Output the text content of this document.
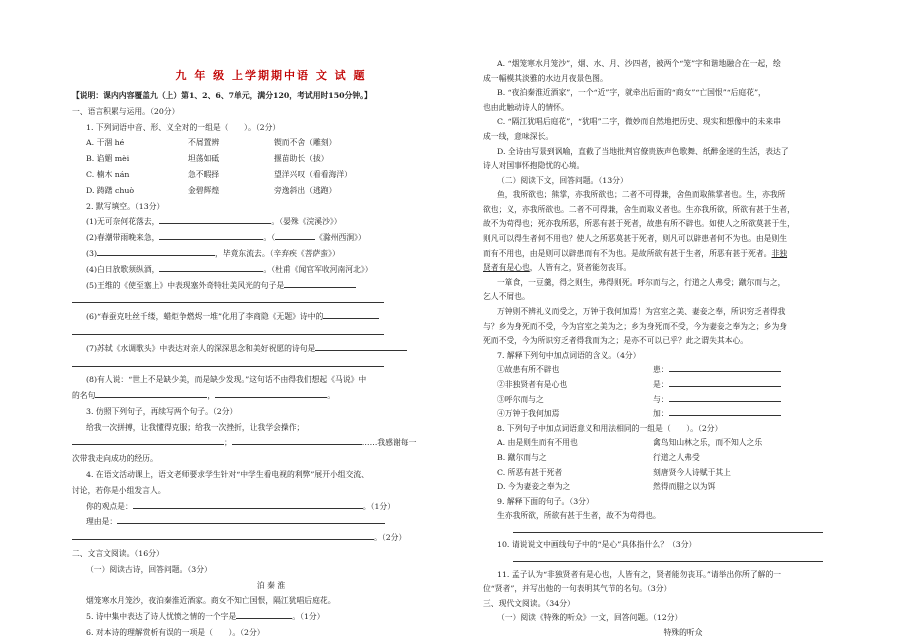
九 年 级 上学期期中语 文 试 题
【说明：课内内容覆盖九（上）第1、2、6、7单元，满分120，考试用时150分钟。】
一、语言积累与运用。（20分）
1. 下列词语中音、形、义全对的一组是（　　）。（2分）
A. 干涸 hé	不屑置辨	锲而不舍（雕刻）
B. 谄媚 mèi	坦荡如砥	揠苗助长（拔）
C. 楠木 nán	急不暇择	望洋兴叹（看看海洋）
D. 踌躇 chuò	金碧辉煌	旁逸斜出（逃跑）
2. 默写填空。（13分）
(1)无可奈何花落去，	。（晏殊《浣溪沙》）
(2)春潮带雨晚来急，	。（	《滁州西涧》）
(3)	，毕竟东流去。（辛弃疾《菩萨蛮》）
(4)白日放歌须纵酒，	。（杜甫《闻官军收河南河北》）
(5)王维的《使至塞上》中表现塞外奇特壮美风光的句子是
(6)“春蚕克吐丝千缕，蜡炬争燃烬一堆”化用了李商隐《无题》诗中的
(7)苏轼《水调歌头》中表达对亲人的深深思念和美好祝愿的诗句是
(8)有人说：“世上不是缺少美，而是缺少发现。”这句话不由得我们想起《马说》中
的名句	，	。
3. 仿照下列句子，再续写两个句子。（2分）
给我一次拼搏，让我懂得克服；给我一次挫折，让我学会操作；
；	……我感谢每一
次带我走向成功的经历。
4. 在语文活动课上，语文老师要求学生针对“中学生看电视的利弊”展开小组交流、
讨论，若你是小组发言人。
你的观点是：	。（1分）
理由是：
。（2分）
二、文言文阅读。（16分）
（一）阅读古诗，回答问题。（3分）
泊 秦 淮
烟笼寒水月笼沙，夜泊秦淮近酒家。商女不知亡国恨，隔江犹唱后庭花。
5. 诗中集中表达了诗人忧愤之情的一个字是	。（1分）
6. 对本诗的理解赏析有误的一项是（　　）。（2分）
A. “烟笼寒水月笼沙”，烟、水、月、沙四者，被两个“笼”字和谐地融合在一起，绘
成一幅模其淡雅的水边月夜景色图。
B. “夜泊秦淮近酒家”，一个“近”字，就牵出后面的“商女”“亡国恨”“后庭花”，
也由此触动诗人的情怀。
C. “隔江犹唱后庭花”，“犹唱”二字，微妙而自然地把历史、现实和想像中的未来串
成一线，意味深长。
D. 全诗由写景到讽喻，直截了当地批判官僚贵族声色歌舞、纸醉金迷的生活，表达了
诗人对国事怀抱隐忧的心境。
（二）阅读下文，回答问题。（13分）
鱼，我所欲也；熊掌，亦我所欲也；二者不可得兼，舍鱼而取熊掌者也。生，亦我所
欲也；义，亦我所欲也。二者不可得兼，舍生而取义者也。生亦我所欲，所欲有甚于生者，
故不为苟得也；死亦我所恶，所恶有甚于死者，故患有所不辟也。如使人之所欲莫甚于生，
则凡可以得生者何不用也？使人之所恶莫甚于死者，则凡可以辟患者何不为也。由是则生
而有不用也，由是则可以辟患而有不为也。是故所欲有甚于生者，所恶有甚于死者。非独
贤者有是心也，人皆有之，贤者能勿丧耳。
一箪食，一豆羹，得之则生，弗得则死。呼尔而与之，行道之人弗受；蹴尔而与之，
乞人不屑也。
万钟则不辨礼义而受之，万钟于我何加焉！为宫室之美、妻妾之奉，所识穷乏者得我
与？乡为身死而不受，今为宫室之美为之；乡为身死而不受，今为妻妾之奉为之；乡为身
死而不受，今为所识穷乏者得我而为之；是亦不可以已乎？此之谓失其本心。
7. 解释下列句中加点词语的含义。（4分）
①故患有所不辟也	患：
②非独贤者有是心也	是：
③呼尔而与之	与：
④万钟于我何加焉	加：
8. 下列句子中加点词语意义和用法相同的一组是（　　）。（2分）
A. 由是则生而有不用也	禽鸟知山林之乐，而不知人之乐
B. 蹴尔而与之	行道之人弗受
C. 所恶有甚于死者	刻唐贤今人诗赋于其上
D. 今为妻妾之奉为之	然得而腊之以为饵
9. 解释下面的句子。（3分）
生亦我所欲，所欲有甚于生者，故不为苟得也。
10. 请说说文中画线句子中的“是心”具体指什么？（3分）
11. 孟子认为“非独贤者有是心也，人皆有之，贤者能勿丧耳。”请举出你所了解的一
位“贤者”，并写出他的一句表明其气节的名句。（3分）
三、现代文阅读。（34分）
（一）阅读《特殊的听众》一文，回答问题。（12分）
特殊的听众
